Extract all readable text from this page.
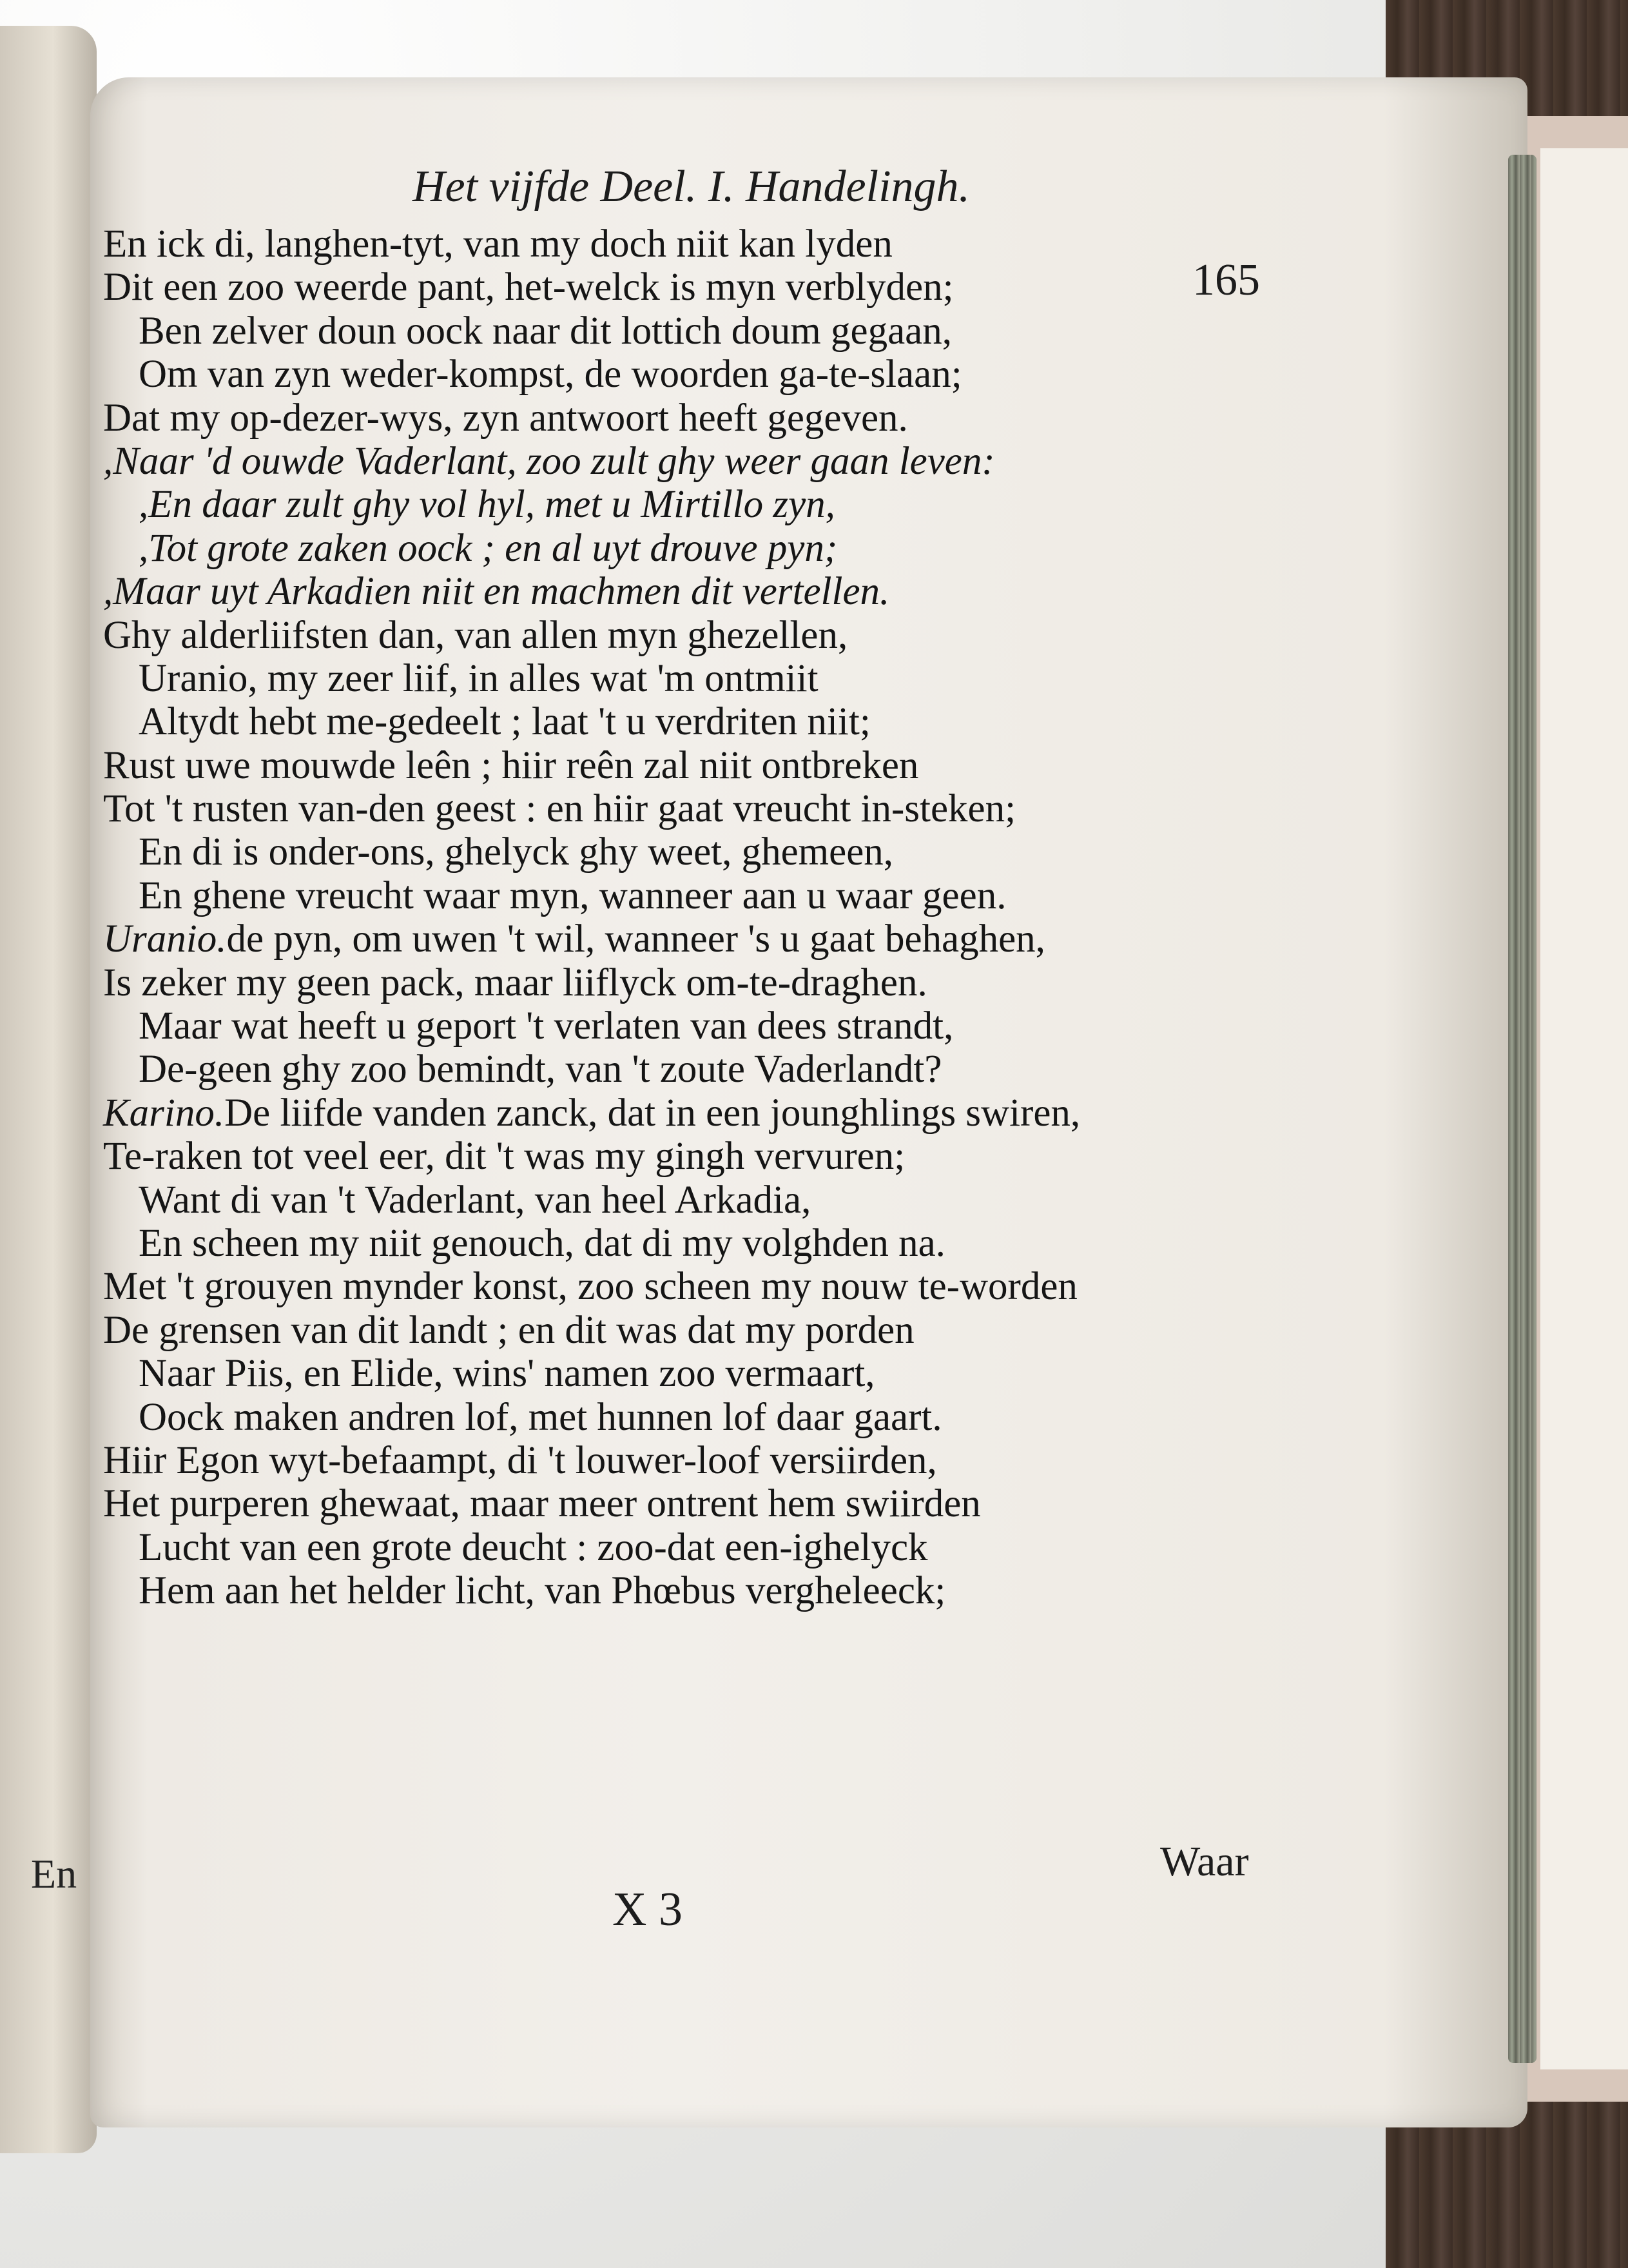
En
Het vijfde Deel. I. Handelingh.
165
En ick di, langhen-tyt, van my doch niit kan lyden
Dit een zoo weerde pant, het-welck is myn verblyden;
Ben zelver doun oock naar dit lottich doum gegaan,
Om van zyn weder-kompst, de woorden ga-te-slaan;
Dat my op-dezer-wys, zyn antwoort heeft gegeven.
,Naar 'd ouwde Vaderlant, zoo zult ghy weer gaan leven:
,En daar zult ghy vol hyl, met u Mirtillo zyn,
,Tot grote zaken oock ; en al uyt drouve pyn;
,Maar uyt Arkadien niit en machmen dit vertellen.
Ghy alderliifsten dan, van allen myn ghezellen,
Uranio, my zeer liif, in alles wat 'm ontmiit
Altydt hebt me-gedeelt ; laat 't u verdriten niit;
Rust uwe mouwde leên ; hiir reên zal niit ontbreken
Tot 't rusten van-den geest : en hiir gaat vreucht in-steken;
En di is onder-ons, ghelyck ghy weet, ghemeen,
En ghene vreucht waar myn, wanneer aan u waar geen.
Uranio.de pyn, om uwen 't wil, wanneer 's u gaat behaghen,
Is zeker my geen pack, maar liiflyck om-te-draghen.
Maar wat heeft u geport 't verlaten van dees strandt,
De-geen ghy zoo bemindt, van 't zoute Vaderlandt?
Karino.De liifde vanden zanck, dat in een jounghlings swiren,
Te-raken tot veel eer, dit 't was my gingh vervuren;
Want di van 't Vaderlant, van heel Arkadia,
En scheen my niit genouch, dat di my volghden na.
Met 't grouyen mynder konst, zoo scheen my nouw te-worden
De grensen van dit landt ; en dit was dat my porden
Naar Piis, en Elide, wins' namen zoo vermaart,
Oock maken andren lof, met hunnen lof daar gaart.
Hiir Egon wyt-befaampt, di 't louwer-loof versiirden,
Het purperen ghewaat, maar meer ontrent hem swiirden
Lucht van een grote deucht : zoo-dat een-ighelyck
Hem aan het helder licht, van Phœbus vergheleeck;
Waar
X 3
